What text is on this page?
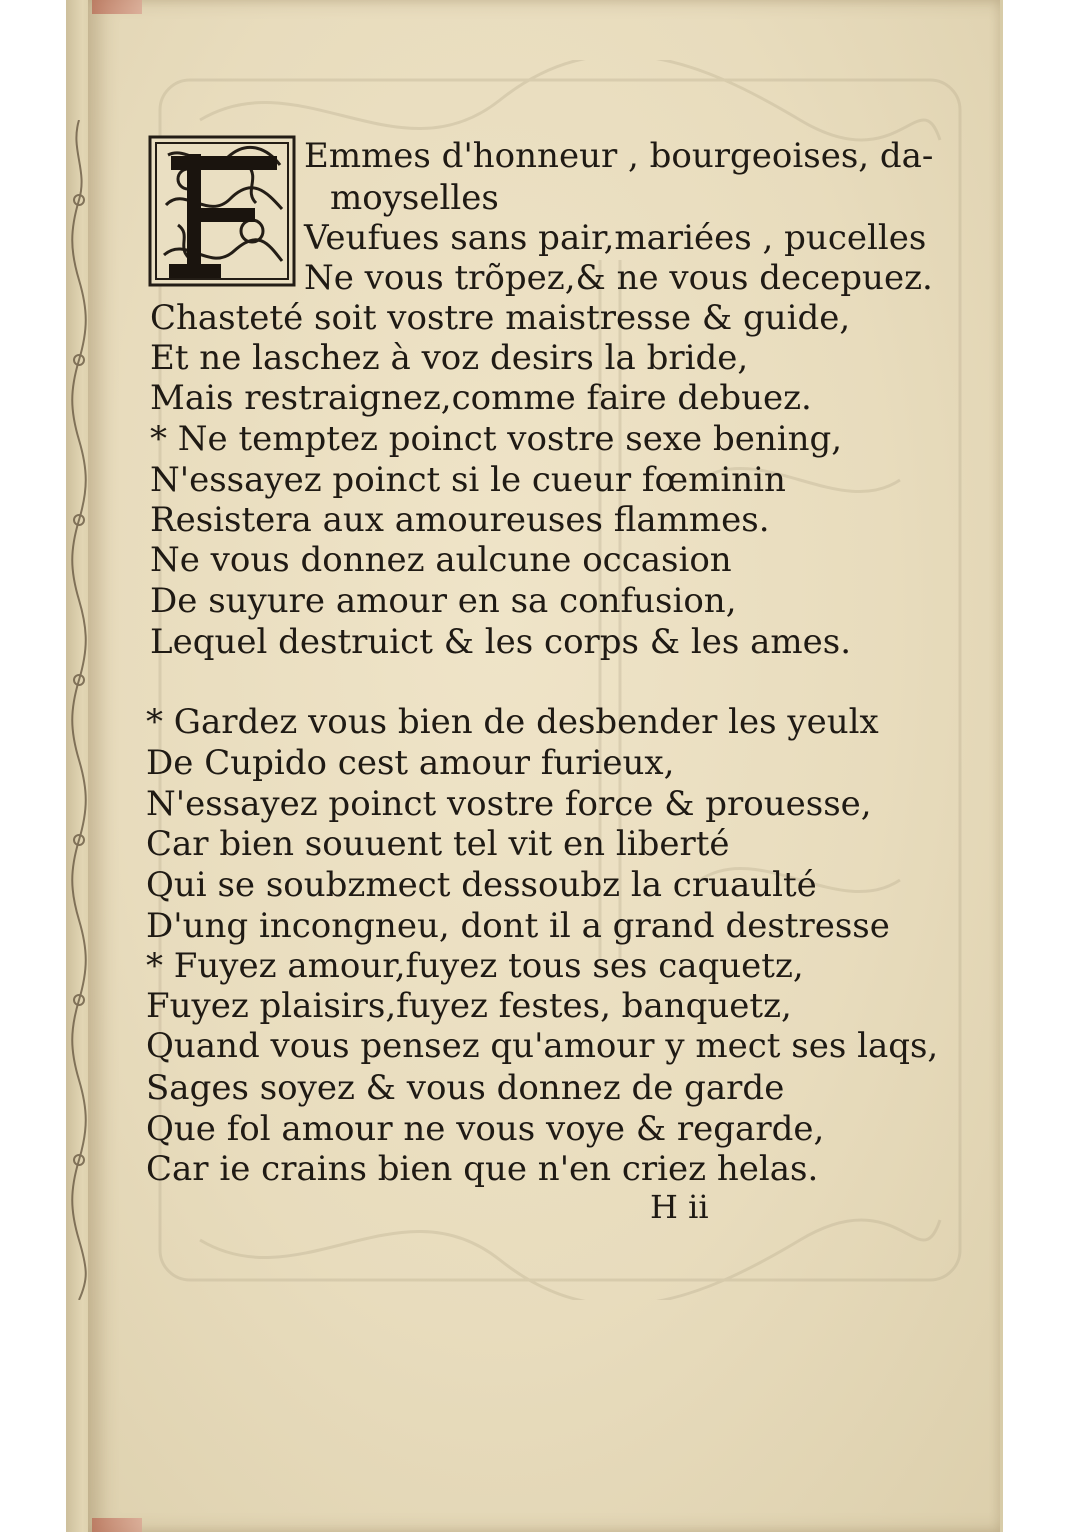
Emmes d'honneur , bourgeoises, da-
moyselles
Veufues sans pair,mariées , pucelles
Ne vous trõpez,& ne vous decepuez.
Chasteté soit vostre maistresse & guide,
Et ne laschez à voz desirs la bride,
Mais restraignez,comme faire debuez.
* Ne temptez poinct vostre sexe bening,
N'essayez poinct si le cueur fœminin
Resistera aux amoureuses flammes.
Ne vous donnez aulcune occasion
De suyure amour en sa confusion,
Lequel destruict & les corps & les ames.
* Gardez vous bien de desbender les yeulx
De Cupido cest amour furieux,
N'essayez poinct vostre force & prouesse,
Car bien souuent tel vit en liberté
Qui se soubzmect dessoubz la cruaulté
D'ung incongneu, dont il a grand destresse
* Fuyez amour,fuyez tous ses caquetz,
Fuyez plaisirs,fuyez festes, banquetz,
Quand vous pensez qu'amour y mect ses laqs,
Sages soyez & vous donnez de garde
Que fol amour ne vous voye & regarde,
Car ie crains bien que n'en criez helas.
H ii
